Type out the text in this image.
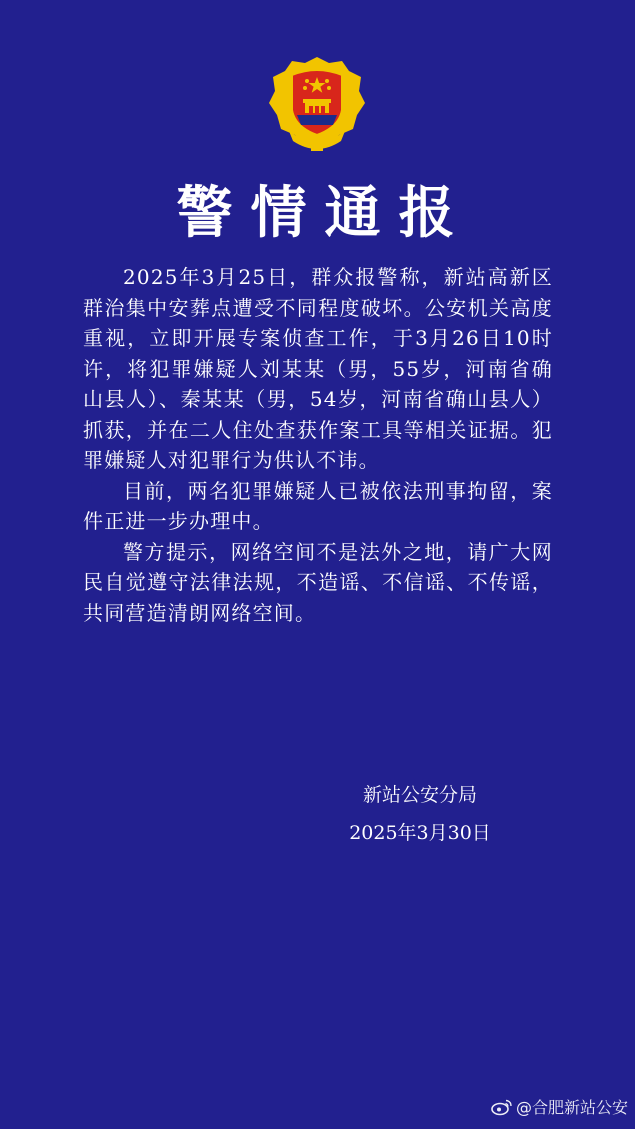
警情通报

2025年3月25日，群众报警称，新站高新区群治集中安葬点遭受不同程度破坏。公安机关高度重视，立即开展专案侦查工作，于3月26日10时许，将犯罪嫌疑人刘某某（男，55岁，河南省确山县人）、秦某某（男，54岁，河南省确山县人）抓获，并在二人住处查获作案工具等相关证据。犯罪嫌疑人对犯罪行为供认不讳。

目前，两名犯罪嫌疑人已被依法刑事拘留，案件正进一步办理中。

警方提示，网络空间不是法外之地，请广大网民自觉遵守法律法规，不造谣、不信谣、不传谣，共同营造清朗网络空间。

新站公安分局
2025年3月30日
@合肥新站公安
